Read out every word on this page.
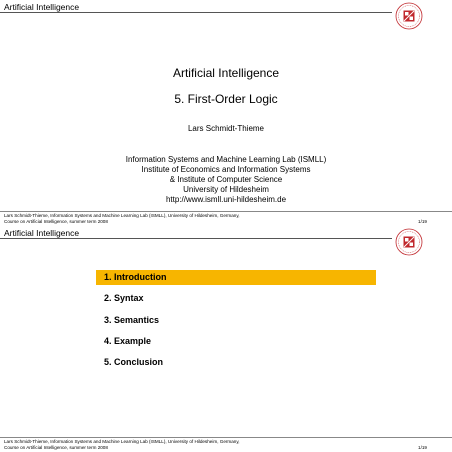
Artificial Intelligence
Artificial Intelligence
5. First-Order Logic
Lars Schmidt-Thieme
Information Systems and Machine Learning Lab (ISMLL)
Institute of Economics and Information Systems
& Institute of Computer Science
University of Hildesheim
http://www.ismll.uni-hildesheim.de
Lars Schmidt-Thieme, Information Systems and Machine Learning Lab (ISMLL), University of Hildesheim, Germany,
Course on Artificial Intelligence, summer term 2008	1/19
Artificial Intelligence
1. Introduction
2. Syntax
3. Semantics
4. Example
5. Conclusion
Lars Schmidt-Thieme, Information Systems and Machine Learning Lab (ISMLL), University of Hildesheim, Germany,
Course on Artificial Intelligence, summer term 2008	1/19
